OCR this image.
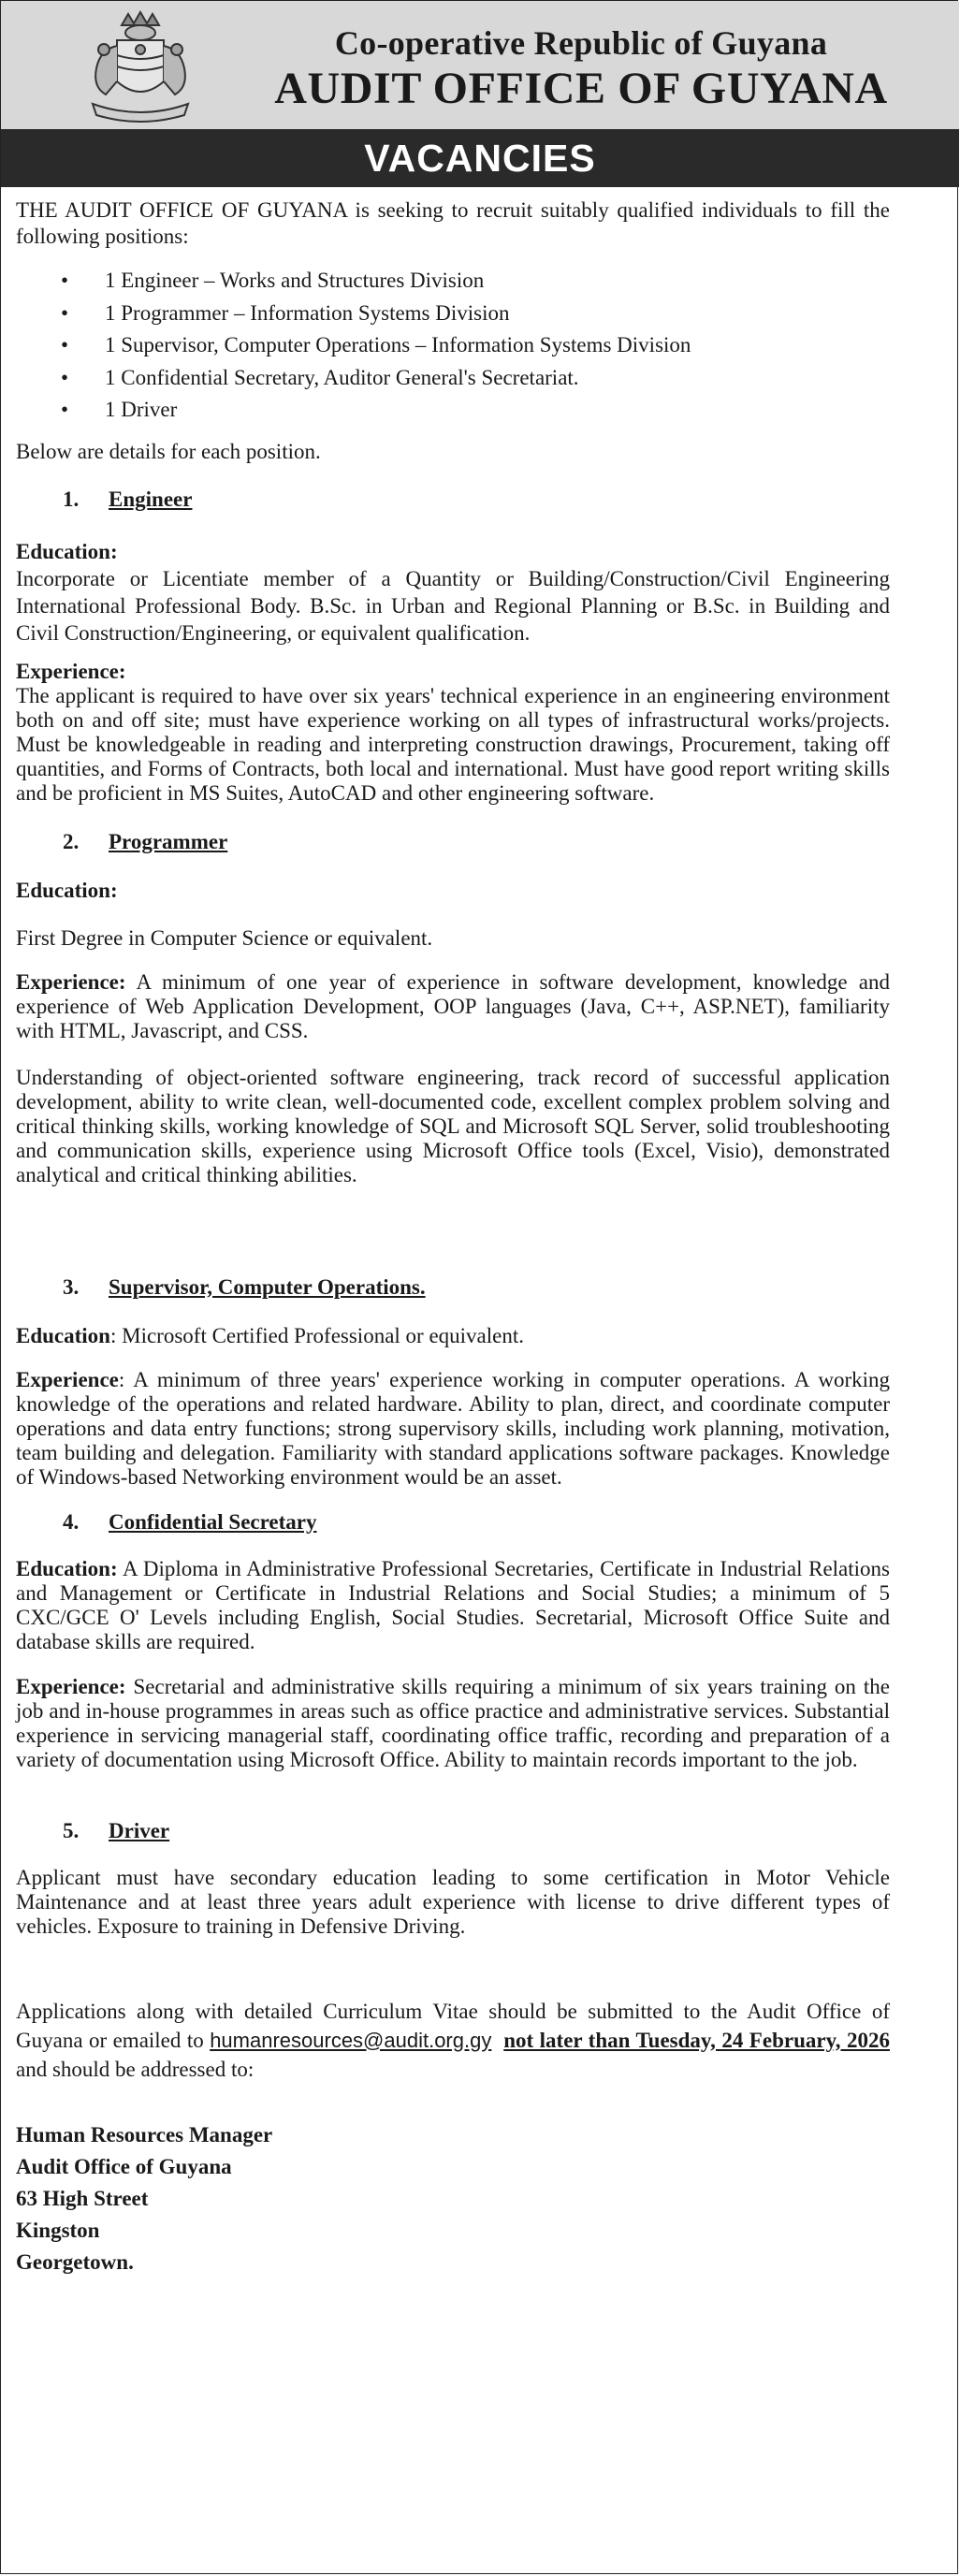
Co-operative Republic of Guyana
AUDIT OFFICE OF GUYANA
VACANCIES

THE AUDIT OFFICE OF GUYANA is seeking to recruit suitably qualified individuals to fill the following positions:

• 1 Engineer – Works and Structures Division
• 1 Programmer – Information Systems Division
• 1 Supervisor, Computer Operations – Information Systems Division
• 1 Confidential Secretary, Auditor General's Secretariat.
• 1 Driver

Below are details for each position.

1. Engineer

Education:

Incorporate or Licentiate member of a Quantity or Building/Construction/Civil Engineering International Professional Body. B.Sc. in Urban and Regional Planning or B.Sc. in Building and Civil Construction/Engineering, or equivalent qualification.

Experience:

The applicant is required to have over six years' technical experience in an engineering environment both on and off site; must have experience working on all types of infrastructural works/projects. Must be knowledgeable in reading and interpreting construction drawings, Procurement, taking off quantities, and Forms of Contracts, both local and international. Must have good report writing skills and be proficient in MS Suites, AutoCAD and other engineering software.

2. Programmer

Education:

First Degree in Computer Science or equivalent.

Experience: A minimum of one year of experience in software development, knowledge and experience of Web Application Development, OOP languages (Java, C++, ASP.NET), familiarity with HTML, Javascript, and CSS.

Understanding of object-oriented software engineering, track record of successful application development, ability to write clean, well-documented code, excellent complex problem solving and critical thinking skills, working knowledge of SQL and Microsoft SQL Server, solid troubleshooting and communication skills, experience using Microsoft Office tools (Excel, Visio), demonstrated analytical and critical thinking abilities.

3. Supervisor, Computer Operations.

Education: Microsoft Certified Professional or equivalent.

Experience: A minimum of three years' experience working in computer operations. A working knowledge of the operations and related hardware. Ability to plan, direct, and coordinate computer operations and data entry functions; strong supervisory skills, including work planning, motivation, team building and delegation. Familiarity with standard applications software packages. Knowledge of Windows-based Networking environment would be an asset.

4. Confidential Secretary

Education: A Diploma in Administrative Professional Secretaries, Certificate in Industrial Relations and Management or Certificate in Industrial Relations and Social Studies; a minimum of 5 CXC/GCE O' Levels including English, Social Studies. Secretarial, Microsoft Office Suite and database skills are required.

Experience: Secretarial and administrative skills requiring a minimum of six years training on the job and in-house programmes in areas such as office practice and administrative services. Substantial experience in servicing managerial staff, coordinating office traffic, recording and preparation of a variety of documentation using Microsoft Office. Ability to maintain records important to the job.

5. Driver

Applicant must have secondary education leading to some certification in Motor Vehicle Maintenance and at least three years adult experience with license to drive different types of vehicles. Exposure to training in Defensive Driving.

Applications along with detailed Curriculum Vitae should be submitted to the Audit Office of Guyana or emailed to humanresources@audit.org.gy not later than Tuesday, 24 February, 2026 and should be addressed to:

Human Resources Manager
Audit Office of Guyana
63 High Street
Kingston
Georgetown.
